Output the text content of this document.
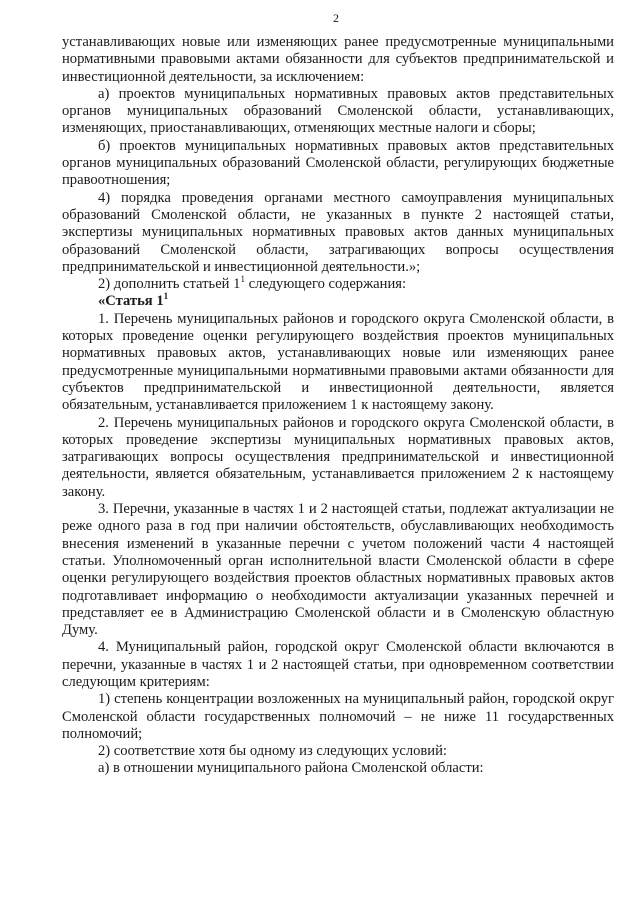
2

устанавливающих новые или изменяющих ранее предусмотренные муниципальными нормативными правовыми актами обязанности для субъектов предпринимательской и инвестиционной деятельности, за исключением:

а) проектов муниципальных нормативных правовых актов представительных органов муниципальных образований Смоленской области, устанавливающих, изменяющих, приостанавливающих, отменяющих местные налоги и сборы;

б) проектов муниципальных нормативных правовых актов представительных органов муниципальных образований Смоленской области, регулирующих бюджетные правоотношения;

4) порядка проведения органами местного самоуправления муниципальных образований Смоленской области, не указанных в пункте 2 настоящей статьи, экспертизы муниципальных нормативных правовых актов данных муниципальных образований Смоленской области, затрагивающих вопросы осуществления предпринимательской и инвестиционной деятельности.»;

2) дополнить статьей $1^1$ следующего содержания:

«Статья $1^1$

1. Перечень муниципальных районов и городского округа Смоленской области, в которых проведение оценки регулирующего воздействия проектов муниципальных нормативных правовых актов, устанавливающих новые или изменяющих ранее предусмотренные муниципальными нормативными правовыми актами обязанности для субъектов предпринимательской и инвестиционной деятельности, является обязательным, устанавливается приложением 1 к настоящему закону.

2. Перечень муниципальных районов и городского округа Смоленской области, в которых проведение экспертизы муниципальных нормативных правовых актов, затрагивающих вопросы осуществления предпринимательской и инвестиционной деятельности, является обязательным, устанавливается приложением 2 к настоящему закону.

3. Перечни, указанные в частях 1 и 2 настоящей статьи, подлежат актуализации не реже одного раза в год при наличии обстоятельств, обуславливающих необходимость внесения изменений в указанные перечни с учетом положений части 4 настоящей статьи. Уполномоченный орган исполнительной власти Смоленской области в сфере оценки регулирующего воздействия проектов областных нормативных правовых актов подготавливает информацию о необходимости актуализации указанных перечней и представляет ее в Администрацию Смоленской области и в Смоленскую областную Думу.

4. Муниципальный район, городской округ Смоленской области включаются в перечни, указанные в частях 1 и 2 настоящей статьи, при одновременном соответствии следующим критериям:

1) степень концентрации возложенных на муниципальный район, городской округ Смоленской области государственных полномочий – не ниже 11 государственных полномочий;

2) соответствие хотя бы одному из следующих условий:

а) в отношении муниципального района Смоленской области:
